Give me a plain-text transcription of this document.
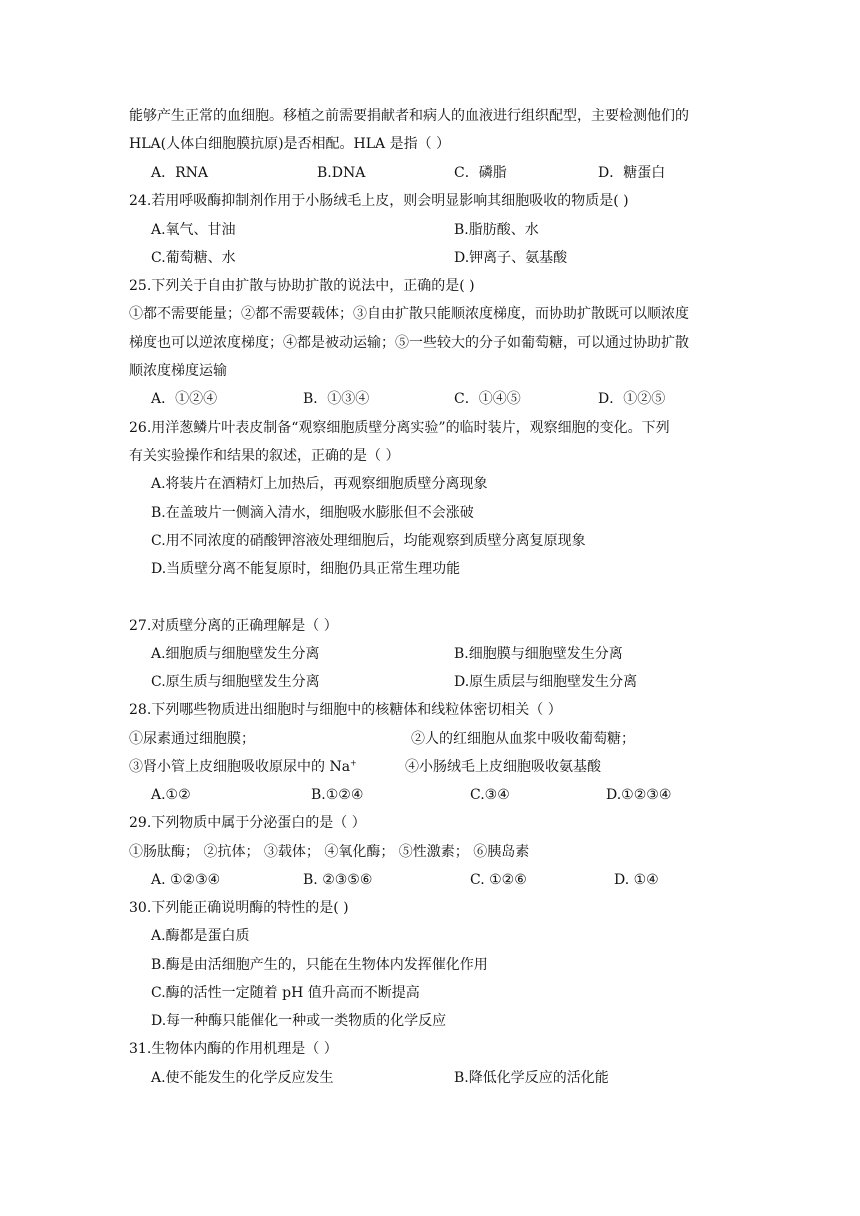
能够产生正常的血细胞。移植之前需要捐献者和病人的血液进行组织配型，主要检测他们的
HLA(人体白细胞膜抗原)是否相配。HLA 是指（ ）
A．RNA	B.DNA	C．磷脂	D．糖蛋白
24.若用呼吸酶抑制剂作用于小肠绒毛上皮，则会明显影响其细胞吸收的物质是( )
A.氧气、甘油	B.脂肪酸、水
C.葡萄糖、水	D.钾离子、氨基酸
25.下列关于自由扩散与协助扩散的说法中，正确的是( )
①都不需要能量；②都不需要载体；③自由扩散只能顺浓度梯度，而协助扩散既可以顺浓度
梯度也可以逆浓度梯度；④都是被动运输；⑤一些较大的分子如葡萄糖，可以通过协助扩散
顺浓度梯度运输
A．①②④	B．①③④	C．①④⑤	D．①②⑤
26.用洋葱鳞片叶表皮制备“观察细胞质壁分离实验”的临时装片，观察细胞的变化。下列
有关实验操作和结果的叙述，正确的是（ ）
A.将装片在酒精灯上加热后，再观察细胞质壁分离现象
B.在盖玻片一侧滴入清水，细胞吸水膨胀但不会涨破
C.用不同浓度的硝酸钾溶液处理细胞后，均能观察到质壁分离复原现象
D.当质壁分离不能复原时，细胞仍具正常生理功能
27.对质壁分离的正确理解是（ ）
A.细胞质与细胞壁发生分离	B.细胞膜与细胞壁发生分离
C.原生质与细胞壁发生分离	D.原生质层与细胞壁发生分离
28.下列哪些物质进出细胞时与细胞中的核糖体和线粒体密切相关（ ）
①尿素通过细胞膜；	②人的红细胞从血浆中吸收葡萄糖；
③肾小管上皮细胞吸收原尿中的 Na+	④小肠绒毛上皮细胞吸收氨基酸
A.①②	B.①②④	C.③④	D.①②③④
29.下列物质中属于分泌蛋白的是（ ）
①肠肽酶； ②抗体； ③载体； ④氧化酶； ⑤性激素； ⑥胰岛素
A. ①②③④	B. ②③⑤⑥	C. ①②⑥	D. ①④
30.下列能正确说明酶的特性的是( )
A.酶都是蛋白质
B.酶是由活细胞产生的，只能在生物体内发挥催化作用
C.酶的活性一定随着 pH 值升高而不断提高
D.每一种酶只能催化一种或一类物质的化学反应
31.生物体内酶的作用机理是（ ）
A.使不能发生的化学反应发生	B.降低化学反应的活化能
